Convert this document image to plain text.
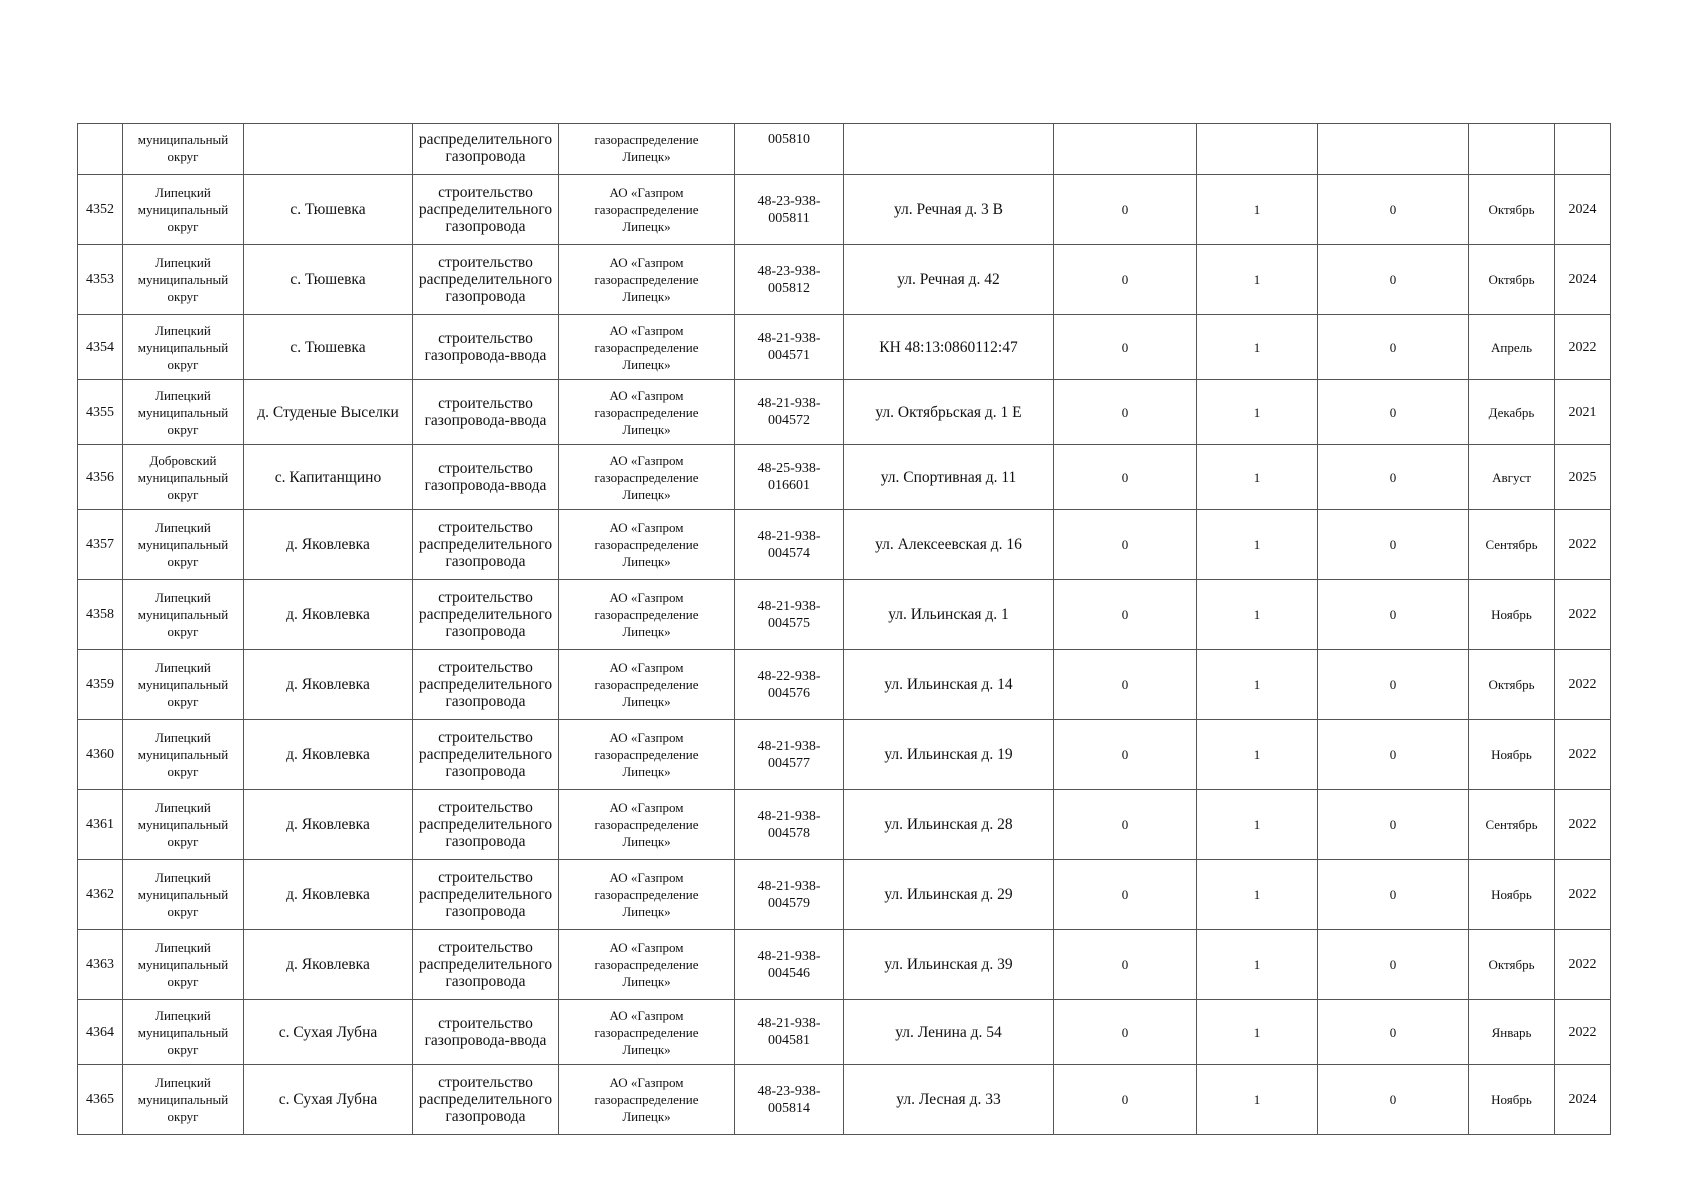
	муниципальный
округ		распределительного
газопровода	газораспределение
Липецк»	005810						

4352	Липецкий
муниципальный
округ	с. Тюшевка	строительство
распределительного
газопровода	АО «Газпром
газораспределение
Липецк»	48-23-938-
005811	ул. Речная д. 3 В	0	1	0	Октябрь	2024
4353	Липецкий
муниципальный
округ	с. Тюшевка	строительство
распределительного
газопровода	АО «Газпром
газораспределение
Липецк»	48-23-938-
005812	ул. Речная д. 42	0	1	0	Октябрь	2024
4354	Липецкий
муниципальный
округ	с. Тюшевка	строительство
газопровода-ввода	АО «Газпром
газораспределение
Липецк»	48-21-938-
004571	КН 48:13:0860112:47	0	1	0	Апрель	2022
4355	Липецкий
муниципальный
округ	д. Студеные Выселки	строительство
газопровода-ввода	АО «Газпром
газораспределение
Липецк»	48-21-938-
004572	ул. Октябрьская д. 1 Е	0	1	0	Декабрь	2021
4356	Добровский
муниципальный
округ	с. Капитанщино	строительство
газопровода-ввода	АО «Газпром
газораспределение
Липецк»	48-25-938-
016601	ул. Спортивная д. 11	0	1	0	Август	2025
4357	Липецкий
муниципальный
округ	д. Яковлевка	строительство
распределительного
газопровода	АО «Газпром
газораспределение
Липецк»	48-21-938-
004574	ул. Алексеевская д. 16	0	1	0	Сентябрь	2022
4358	Липецкий
муниципальный
округ	д. Яковлевка	строительство
распределительного
газопровода	АО «Газпром
газораспределение
Липецк»	48-21-938-
004575	ул. Ильинская д. 1	0	1	0	Ноябрь	2022
4359	Липецкий
муниципальный
округ	д. Яковлевка	строительство
распределительного
газопровода	АО «Газпром
газораспределение
Липецк»	48-22-938-
004576	ул. Ильинская д. 14	0	1	0	Октябрь	2022
4360	Липецкий
муниципальный
округ	д. Яковлевка	строительство
распределительного
газопровода	АО «Газпром
газораспределение
Липецк»	48-21-938-
004577	ул. Ильинская д. 19	0	1	0	Ноябрь	2022
4361	Липецкий
муниципальный
округ	д. Яковлевка	строительство
распределительного
газопровода	АО «Газпром
газораспределение
Липецк»	48-21-938-
004578	ул. Ильинская д. 28	0	1	0	Сентябрь	2022
4362	Липецкий
муниципальный
округ	д. Яковлевка	строительство
распределительного
газопровода	АО «Газпром
газораспределение
Липецк»	48-21-938-
004579	ул. Ильинская д. 29	0	1	0	Ноябрь	2022
4363	Липецкий
муниципальный
округ	д. Яковлевка	строительство
распределительного
газопровода	АО «Газпром
газораспределение
Липецк»	48-21-938-
004546	ул. Ильинская д. 39	0	1	0	Октябрь	2022
4364	Липецкий
муниципальный
округ	с. Сухая Лубна	строительство
газопровода-ввода	АО «Газпром
газораспределение
Липецк»	48-21-938-
004581	ул. Ленина д. 54	0	1	0	Январь	2022
4365	Липецкий
муниципальный
округ	с. Сухая Лубна	строительство
распределительного
газопровода	АО «Газпром
газораспределение
Липецк»	48-23-938-
005814	ул. Лесная д. 33	0	1	0	Ноябрь	2024
